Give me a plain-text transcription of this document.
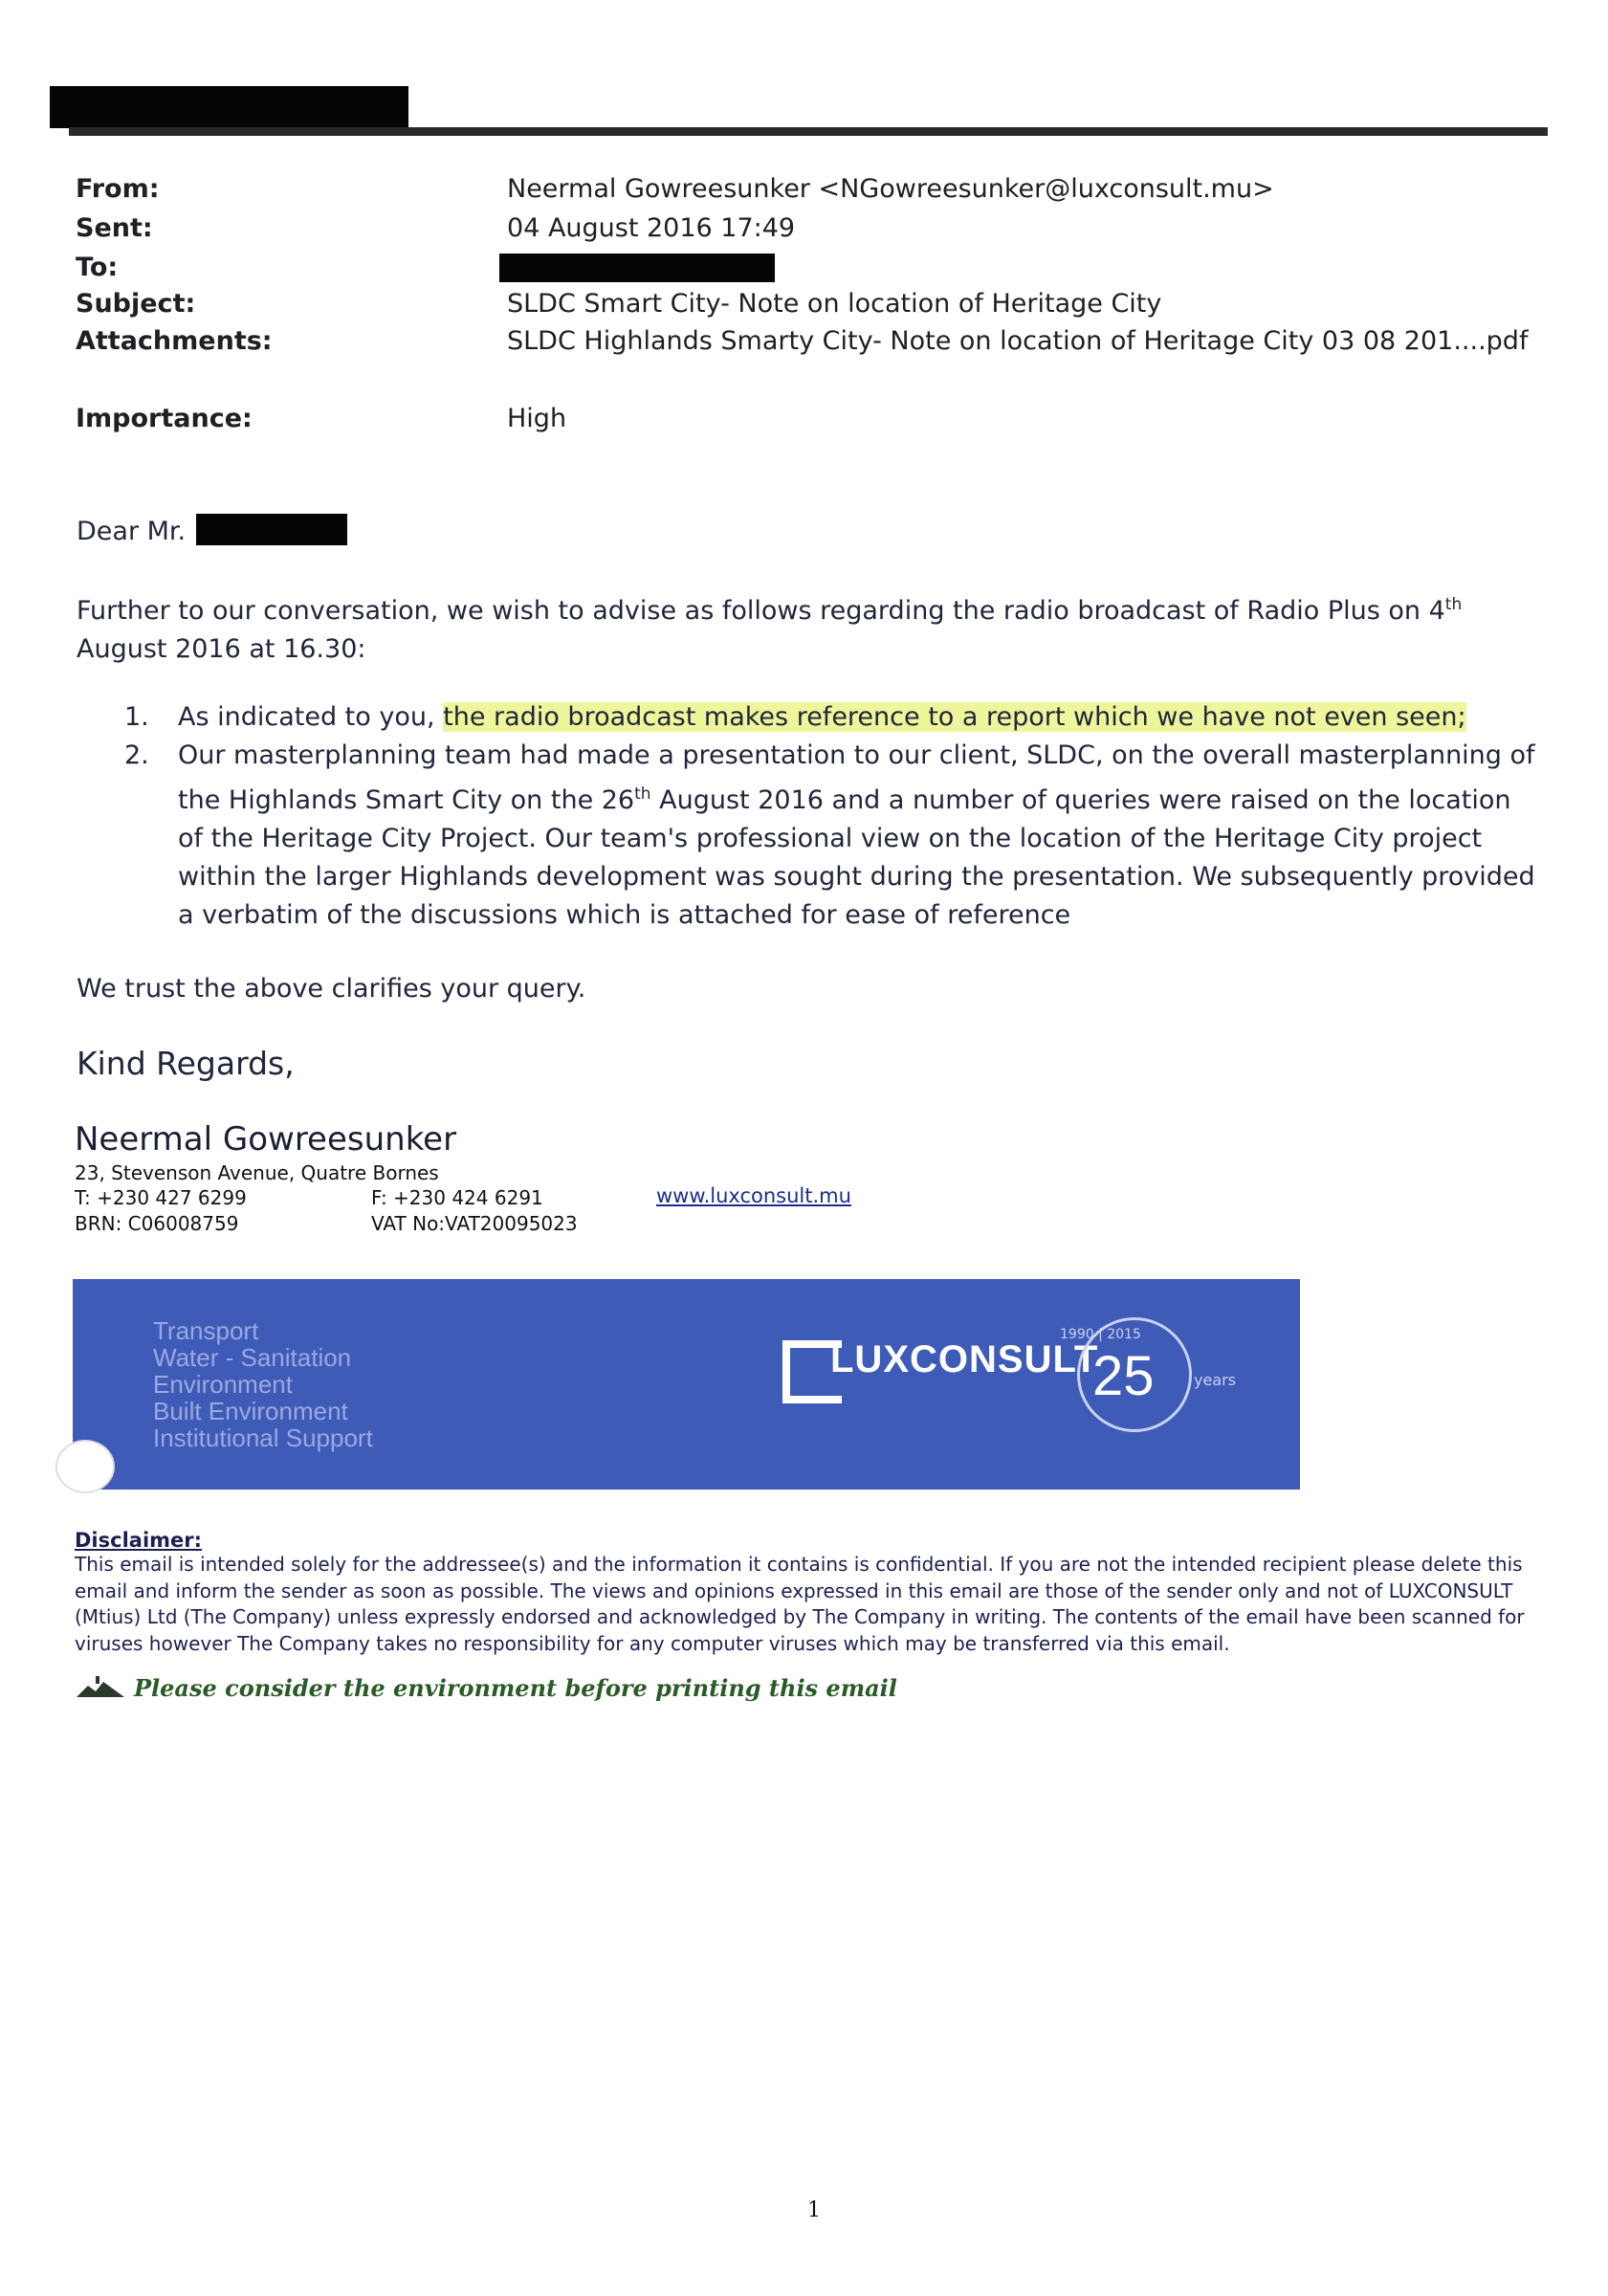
From:	Neermal Gowreesunker <NGowreesunker@luxconsult.mu>
Sent:	04 August 2016 17:49
To:
Subject:	SLDC Smart City- Note on location of Heritage City
Attachments:	SLDC Highlands Smarty City- Note on location of Heritage City 03 08 201....pdf
Importance:	High
Dear Mr.
Further to our conversation, we wish to advise as follows regarding the radio broadcast of Radio Plus on 4th August 2016 at 16.30:
1. As indicated to you, the radio broadcast makes reference to a report which we have not even seen;
2. Our masterplanning team had made a presentation to our client, SLDC, on the overall masterplanning of the Highlands Smart City on the 26th August 2016 and a number of queries were raised on the location of the Heritage City Project. Our team's professional view on the location of the Heritage City project within the larger Highlands development was sought during the presentation. We subsequently provided a verbatim of the discussions which is attached for ease of reference
We trust the above clarifies your query.
Kind Regards,
Neermal Gowreesunker
23, Stevenson Avenue, Quatre Bornes
T: +230 427 6299	F: +230 424 6291	www.luxconsult.mu
BRN: C06008759	VAT No:VAT20095023
Transport
Water - Sanitation
Environment
Built Environment
Institutional Support
LUXCONSULT
1990 | 2015
25	years
Disclaimer:
This email is intended solely for the addressee(s) and the information it contains is confidential. If you are not the intended recipient please delete this email and inform the sender as soon as possible. The views and opinions expressed in this email are those of the sender only and not of LUXCONSULT (Mtius) Ltd (The Company) unless expressly endorsed and acknowledged by The Company in writing. The contents of the email have been scanned for viruses however The Company takes no responsibility for any computer viruses which may be transferred via this email.
Please consider the environment before printing this email
1
